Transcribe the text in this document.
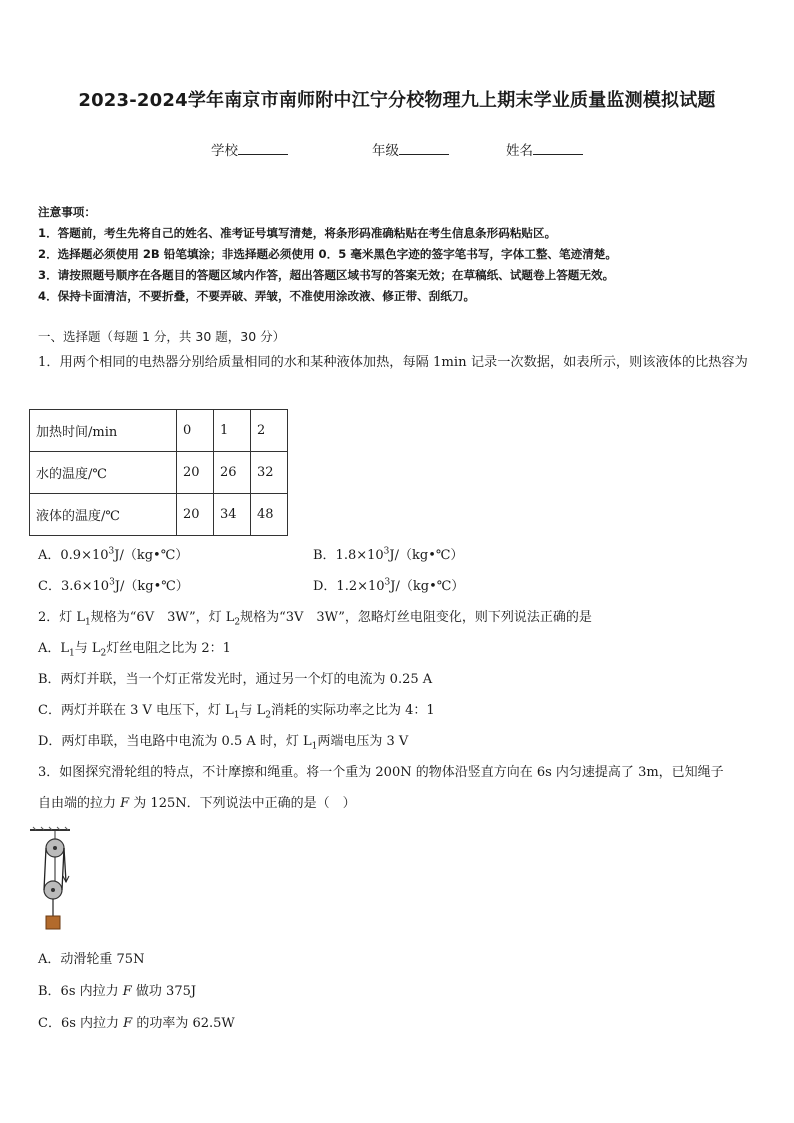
2023-2024学年南京市南师附中江宁分校物理九上期末学业质量监测模拟试题
学校	年级	姓名
注意事项：
1．答题前，考生先将自己的姓名、准考证号填写清楚，将条形码准确粘贴在考生信息条形码粘贴区。
2．选择题必须使用 2B 铅笔填涂；非选择题必须使用 0．5 毫米黑色字迹的签字笔书写，字体工整、笔迹清楚。
3．请按照题号顺序在各题目的答题区域内作答，超出答题区域书写的答案无效；在草稿纸、试题卷上答题无效。
4．保持卡面清洁，不要折叠，不要弄破、弄皱，不准使用涂改液、修正带、刮纸刀。
一、选择题（每题 1 分，共 30 题，30 分）
1．用两个相同的电热器分别给质量相同的水和某种液体加热，每隔 1min 记录一次数据，如表所示，则该液体的比热容为
加热时间/min	0	1	2
水的温度/℃	20	26	32
液体的温度/℃	20	34	48
A．$0.9\times 10^3J/(kg•℃)$	B．$1.8\times 10^3J/(kg•℃)$
C．$3.6\times 10^3J/(kg•℃)$	D．$1.2\times 10^3J/(kg•℃)$
2．灯 $L_1$规格为“6V　3W”，灯 $L_2$规格为“3V　3W”，忽略灯丝电阻变化，则下列说法正确的是
A．$L_1$与 $L_2$灯丝电阻之比为 2：1
B．两灯并联，当一个灯正常发光时，通过另一个灯的电流为 0.25 A
C．两灯并联在 3 V 电压下，灯 $L_1$与 $L_2$消耗的实际功率之比为 4：1
D．两灯串联，当电路中电流为 0.5 A 时，灯 $L_1$两端电压为 3 V
3．如图探究滑轮组的特点，不计摩擦和绳重。将一个重为 200N 的物体沿竖直方向在 6s 内匀速提高了 3m，已知绳子
自由端的拉力 F 为 125N．下列说法中正确的是（　）
A．动滑轮重 75N
B．6s 内拉力 F 做功 375J
C．6s 内拉力 F 的功率为 62.5W
